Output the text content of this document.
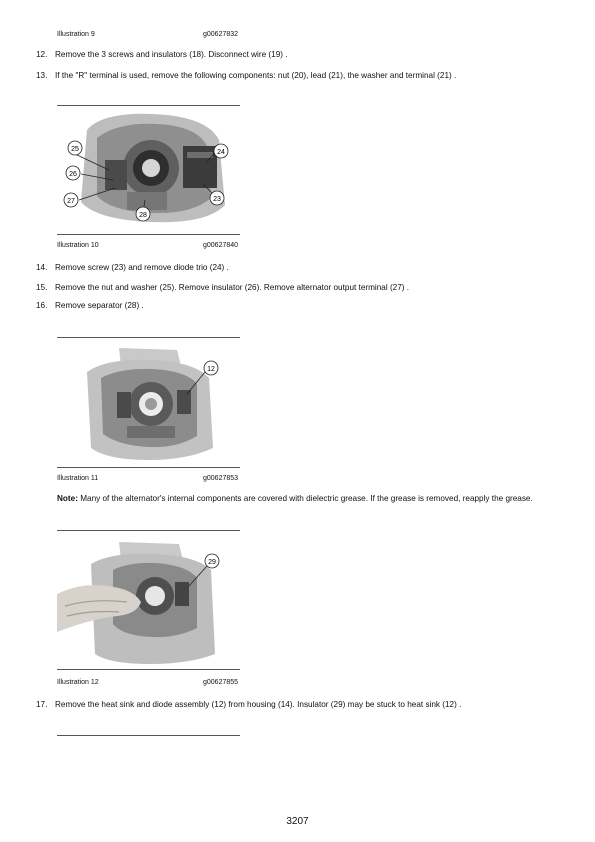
Illustration 9	g00627832
12. Remove the 3 screws and insulators (18). Disconnect wire (19) .
13. If the "R" terminal is used, remove the following components: nut (20), lead (21), the washer and terminal (21) .
25
26
27
28
24
23
Illustration 10	g00627840
14. Remove screw (23) and remove diode trio (24) .
15. Remove the nut and washer (25). Remove insulator (26). Remove alternator output terminal (27) .
16. Remove separator (28) .
12
Illustration 11	g00627853
Note: Many of the alternator's internal components are covered with dielectric grease. If the grease is removed, reapply the grease.
29
Illustration 12	g00627855
17. Remove the heat sink and diode assembly (12) from housing (14). Insulator (29) may be stuck to heat sink (12) .
3207
